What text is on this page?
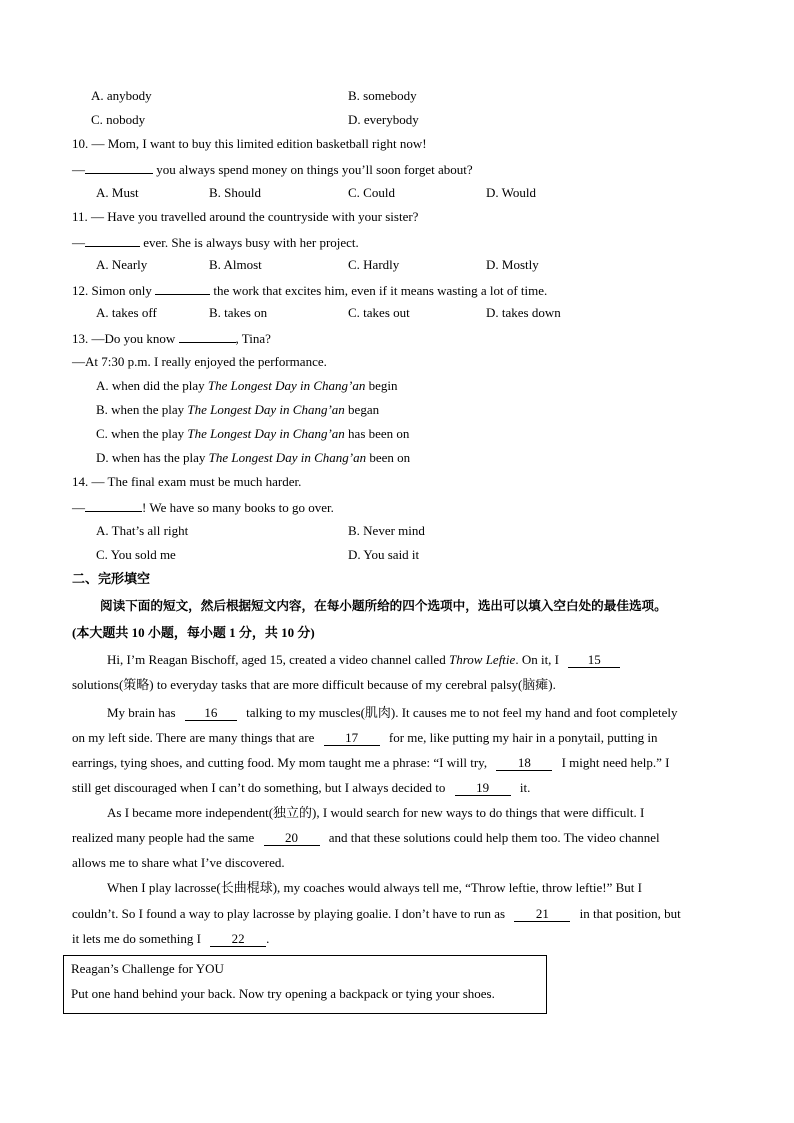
A. anybody	B. somebody
C. nobody	D. everybody
10. — Mom, I want to buy this limited edition basketball right now!
—	you always spend money on things you’ll soon forget about?
A. Must	B. Should	C. Could	D. Would
11. — Have you travelled around the countryside with your sister?
—	ever. She is always busy with her project.
A. Nearly	B. Almost	C. Hardly	D. Mostly
12. Simon only	the work that excites him, even if it means wasting a lot of time.
A. takes off	B. takes on	C. takes out	D. takes down
13. —Do you know	, Tina?
—At 7:30 p.m. I really enjoyed the performance.
A. when did the play The Longest Day in Chang’an begin
B. when the play The Longest Day in Chang’an began
C. when the play The Longest Day in Chang’an has been on
D. when has the play The Longest Day in Chang’an been on
14. — The final exam must be much harder.
—	! We have so many books to go over.
A. That’s all right	B. Never mind
C. You sold me	D. You said it
二、完形填空
阅读下面的短文，然后根据短文内容，在每小题所给的四个选项中，选出可以填入空白处的最佳选项。
(本大题共 10 小题，每小题 1 分，共 10 分)
Hi, I’m Reagan Bischoff, aged 15, created a video channel called Throw Leftie. On it, I 15
solutions(策略) to everyday tasks that are more difficult because of my cerebral palsy(脑瘫).
My brain has 16 talking to my muscles(肌肉). It causes me to not feel my hand and foot completely
on my left side. There are many things that are 17 for me, like putting my hair in a ponytail, putting in
earrings, tying shoes, and cutting food. My mom taught me a phrase: “I will try, 18 I might need help.” I
still get discouraged when I can’t do something, but I always decided to 19 it.
As I became more independent(独立的), I would search for new ways to do things that were difficult. I
realized many people had the same 20 and that these solutions could help them too. The video channel
allows me to share what I’ve discovered.
When I play lacrosse(长曲棍球), my coaches would always tell me, “Throw leftie, throw leftie!” But I
couldn’t. So I found a way to play lacrosse by playing goalie. I don’t have to run as 21 in that position, but
it lets me do something I 22 .
Reagan’s Challenge for YOU
Put one hand behind your back. Now try opening a backpack or tying your shoes.
